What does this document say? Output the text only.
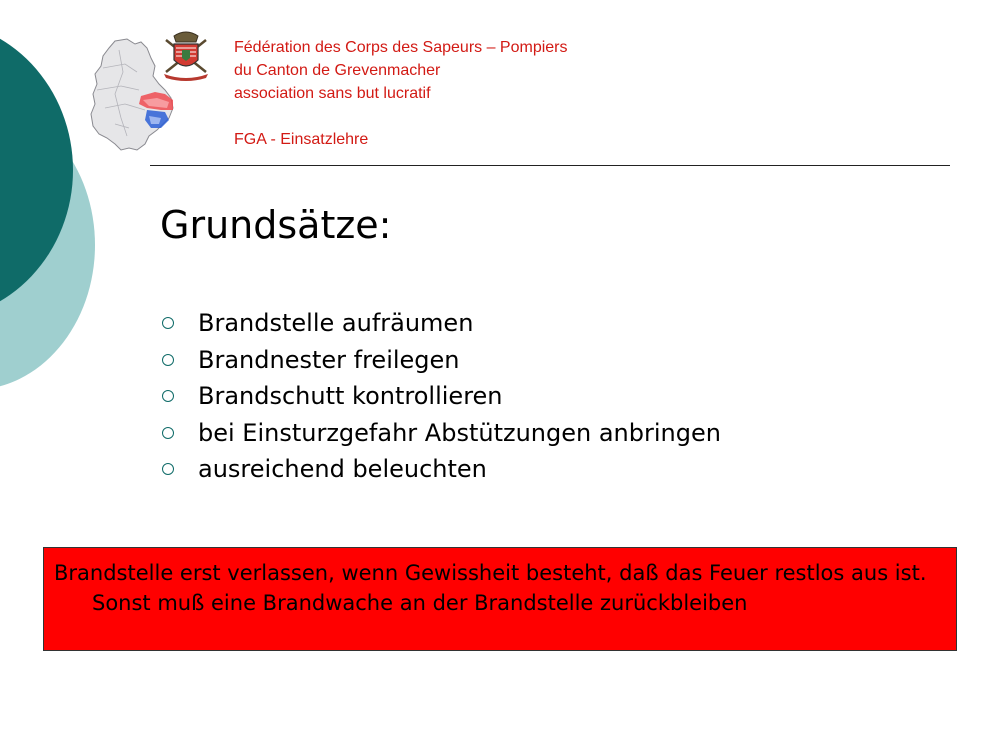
Fédération des Corps des Sapeurs – Pompiers
du Canton de Grevenmacher
association sans but lucratif
FGA - Einsatzlehre
Grundsätze:
Brandstelle aufräumen
Brandnester freilegen
Brandschutt kontrollieren
bei Einsturzgefahr Abstützungen anbringen
ausreichend beleuchten

Brandstelle erst verlassen, wenn Gewissheit besteht, daß das Feuer restlos aus ist. Sonst muß eine Brandwache an der Brandstelle zurückbleiben
